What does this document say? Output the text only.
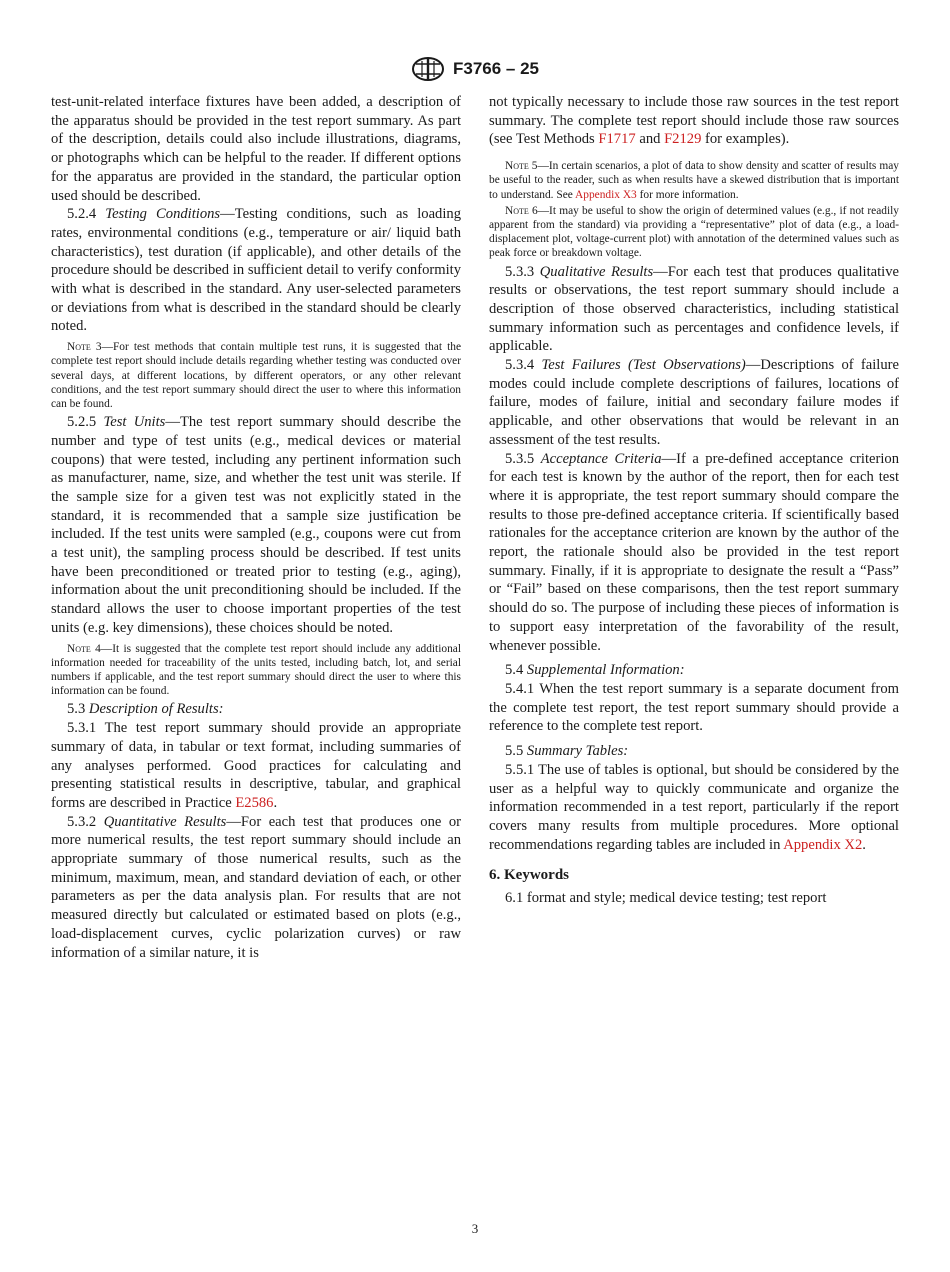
F3766 – 25

test-unit-related interface fixtures have been added, a description of the apparatus should be provided in the test report summary. As part of the description, details could also include illustrations, diagrams, or photographs which can be helpful to the reader. If different options for the apparatus are provided in the standard, the particular option used should be described.

5.2.4 Testing Conditions—Testing conditions, such as loading rates, environmental conditions (e.g., temperature or air/ liquid bath characteristics), test duration (if applicable), and other details of the procedure should be described in sufficient detail to verify conformity with what is described in the standard. Any user-selected parameters or deviations from what is described in the standard should be clearly noted.

Note 3—For test methods that contain multiple test runs, it is suggested that the complete test report should include details regarding whether testing was conducted over several days, at different locations, by different operators, or any other relevant conditions, and the test report summary should direct the user to where this information can be found.

5.2.5 Test Units—The test report summary should describe the number and type of test units (e.g., medical devices or material coupons) that were tested, including any pertinent information such as manufacturer, name, size, and whether the test unit was sterile. If the sample size for a given test was not explicitly stated in the standard, it is recommended that a sample size justification be included. If the test units were sampled (e.g., coupons were cut from a test unit), the sampling process should be described. If test units have been preconditioned or treated prior to testing (e.g., aging), information about the unit preconditioning should be included. If the standard allows the user to choose important properties of the test units (e.g. key dimensions), these choices should be noted.

Note 4—It is suggested that the complete test report should include any additional information needed for traceability of the units tested, including batch, lot, and serial numbers if applicable, and the test report summary should direct the user to where this information can be found.

5.3 Description of Results:

5.3.1 The test report summary should provide an appropriate summary of data, in tabular or text format, including summaries of any analyses performed. Good practices for calculating and presenting statistical results in descriptive, tabular, and graphical forms are described in Practice E2586.

5.3.2 Quantitative Results—For each test that produces one or more numerical results, the test report summary should include an appropriate summary of those numerical results, such as the minimum, maximum, mean, and standard deviation of each, or other parameters as per the data analysis plan. For results that are not measured directly but calculated or estimated based on plots (e.g., load-displacement curves, cyclic polarization curves) or raw information of a similar nature, it is

not typically necessary to include those raw sources in the test report summary. The complete test report should include those raw sources (see Test Methods F1717 and F2129 for examples).

Note 5—In certain scenarios, a plot of data to show density and scatter of results may be useful to the reader, such as when results have a skewed distribution that is important to understand. See Appendix X3 for more information.

Note 6—It may be useful to show the origin of determined values (e.g., if not readily apparent from the standard) via providing a “representative” plot of data (e.g., a load-displacement plot, voltage-current plot) with annotation of the determined values such as peak force or breakdown voltage.

5.3.3 Qualitative Results—For each test that produces qualitative results or observations, the test report summary should include a description of those observed characteristics, including statistical summary information such as percentages and confidence levels, if applicable.

5.3.4 Test Failures (Test Observations)—Descriptions of failure modes could include complete descriptions of failures, locations of failure, modes of failure, initial and secondary failure modes if applicable, and other observations that would be relevant in an assessment of the test results.

5.3.5 Acceptance Criteria—If a pre-defined acceptance criterion for each test is known by the author of the report, then for each test where it is appropriate, the test report summary should compare the results to those pre-defined acceptance criteria. If scientifically based rationales for the acceptance criterion are known by the author of the report, the rationale should also be provided in the test report summary. Finally, if it is appropriate to designate the result a “Pass” or “Fail” based on these comparisons, then the test report summary should do so. The purpose of including these pieces of information is to support easy interpretation of the favorability of the result, whenever possible.

5.4 Supplemental Information:

5.4.1 When the test report summary is a separate document from the complete test report, the test report summary should provide a reference to the complete test report.

5.5 Summary Tables:

5.5.1 The use of tables is optional, but should be considered by the user as a helpful way to quickly communicate and organize the information recommended in a test report, particularly if the report covers many results from multiple procedures. More optional recommendations regarding tables are included in Appendix X2.

6. Keywords

6.1 format and style; medical device testing; test report

3
